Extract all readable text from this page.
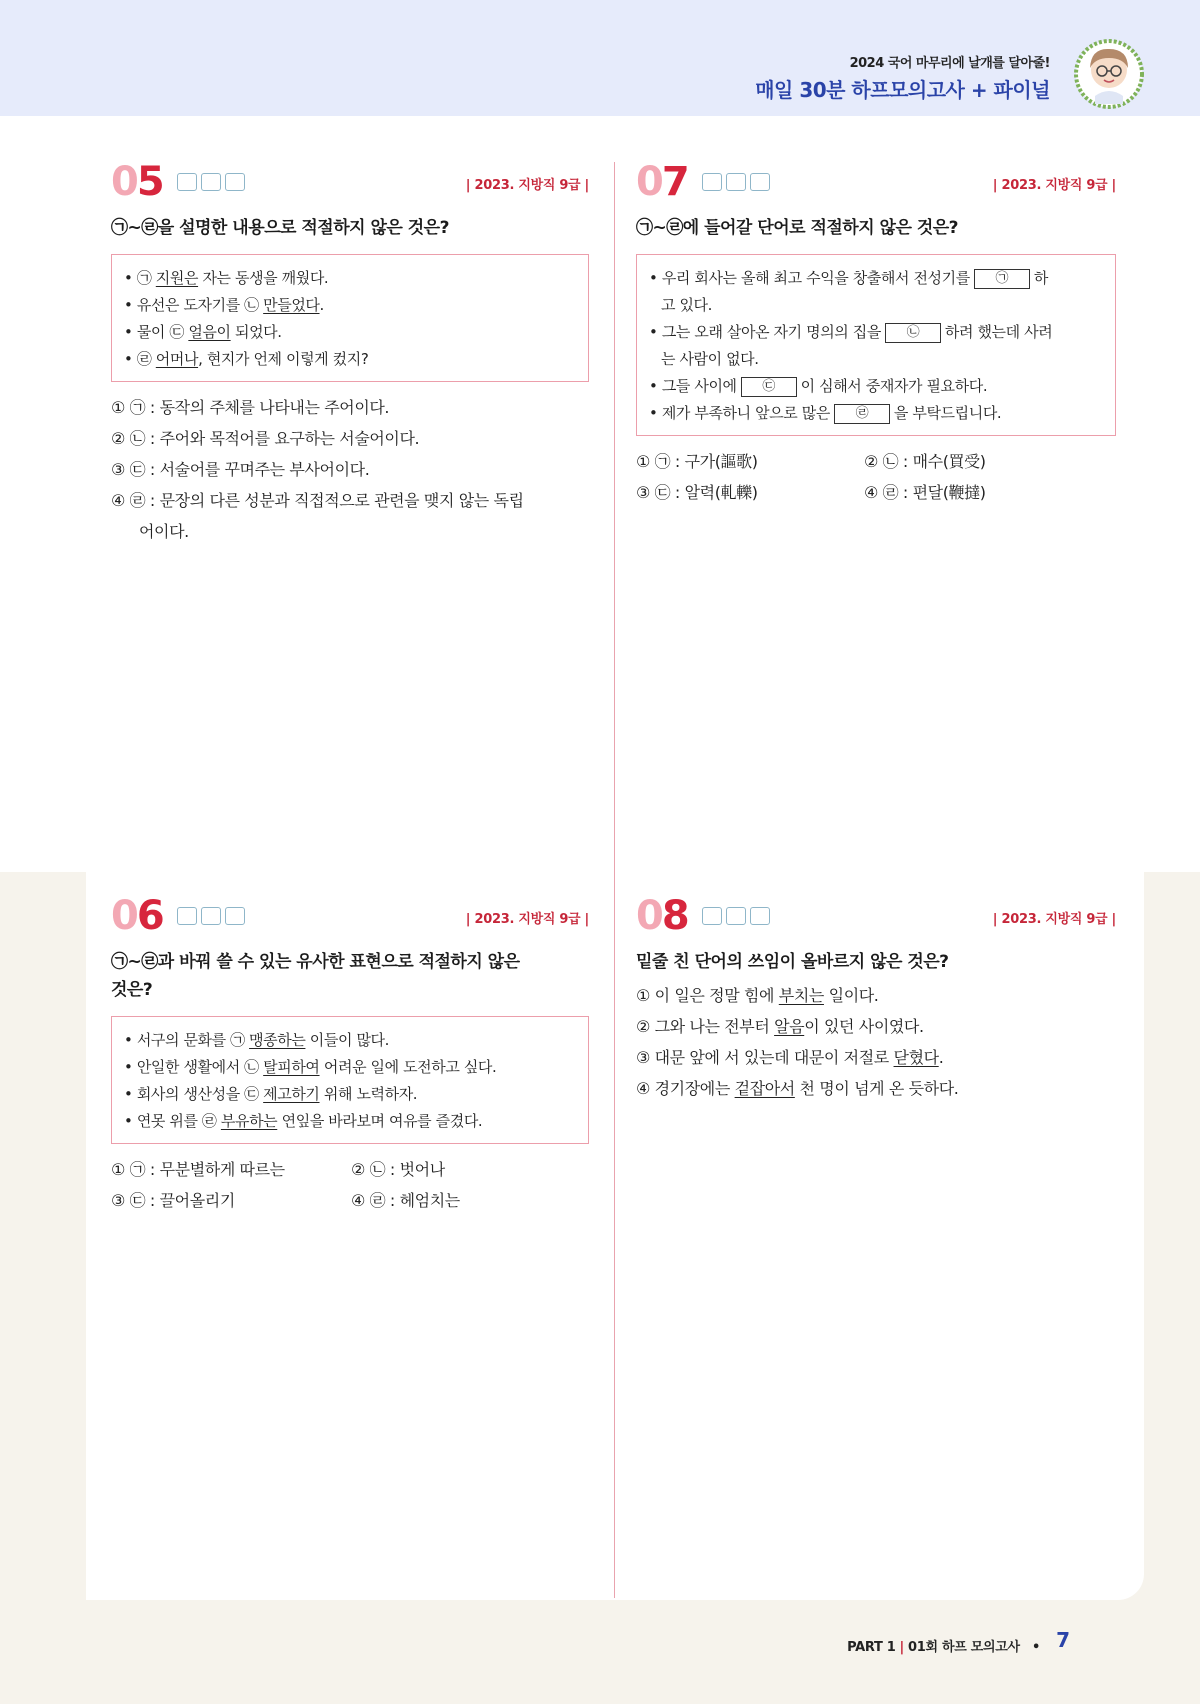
2024 국어 마무리에 날개를 달아줄!
매일 30분 하프모의고사 + 파이널
05	| 2023. 지방직 9급 |
㉠~㉣을 설명한 내용으로 적절하지 않은 것은?
• ㉠ 지원은 자는 동생을 깨웠다.
• 유선은 도자기를 ㉡ 만들었다.
• 물이 ㉢ 얼음이 되었다.
• ㉣ 어머나, 현지가 언제 이렇게 컸지?
① ㉠ : 동작의 주체를 나타내는 주어이다.
② ㉡ : 주어와 목적어를 요구하는 서술어이다.
③ ㉢ : 서술어를 꾸며주는 부사어이다.
④ ㉣ : 문장의 다른 성분과 직접적으로 관련을 맺지 않는 독립
어이다.
07	| 2023. 지방직 9급 |
㉠~㉣에 들어갈 단어로 적절하지 않은 것은?
• 우리 회사는 올해 최고 수익을 창출해서 전성기를 ㉠ 하
고 있다.
• 그는 오래 살아온 자기 명의의 집을 ㉡ 하려 했는데 사려
는 사람이 없다.
• 그들 사이에 ㉢ 이 심해서 중재자가 필요하다.
• 제가 부족하니 앞으로 많은 ㉣ 을 부탁드립니다.
① ㉠ : 구가(謳歌)	② ㉡ : 매수(買受)
③ ㉢ : 알력(軋轢)	④ ㉣ : 편달(鞭撻)
06	| 2023. 지방직 9급 |
㉠~㉣과 바꿔 쓸 수 있는 유사한 표현으로 적절하지 않은
것은?
• 서구의 문화를 ㉠ 맹종하는 이들이 많다.
• 안일한 생활에서 ㉡ 탈피하여 어려운 일에 도전하고 싶다.
• 회사의 생산성을 ㉢ 제고하기 위해 노력하자.
• 연못 위를 ㉣ 부유하는 연잎을 바라보며 여유를 즐겼다.
① ㉠ : 무분별하게 따르는	② ㉡ : 벗어나
③ ㉢ : 끌어올리기	④ ㉣ : 헤엄치는
08	| 2023. 지방직 9급 |
밑줄 친 단어의 쓰임이 올바르지 않은 것은?
① 이 일은 정말 힘에 부치는 일이다.
② 그와 나는 전부터 알음이 있던 사이였다.
③ 대문 앞에 서 있는데 대문이 저절로 닫혔다.
④ 경기장에는 겉잡아서 천 명이 넘게 온 듯하다.
PART 1 | 01회 하프 모의고사 • 7
